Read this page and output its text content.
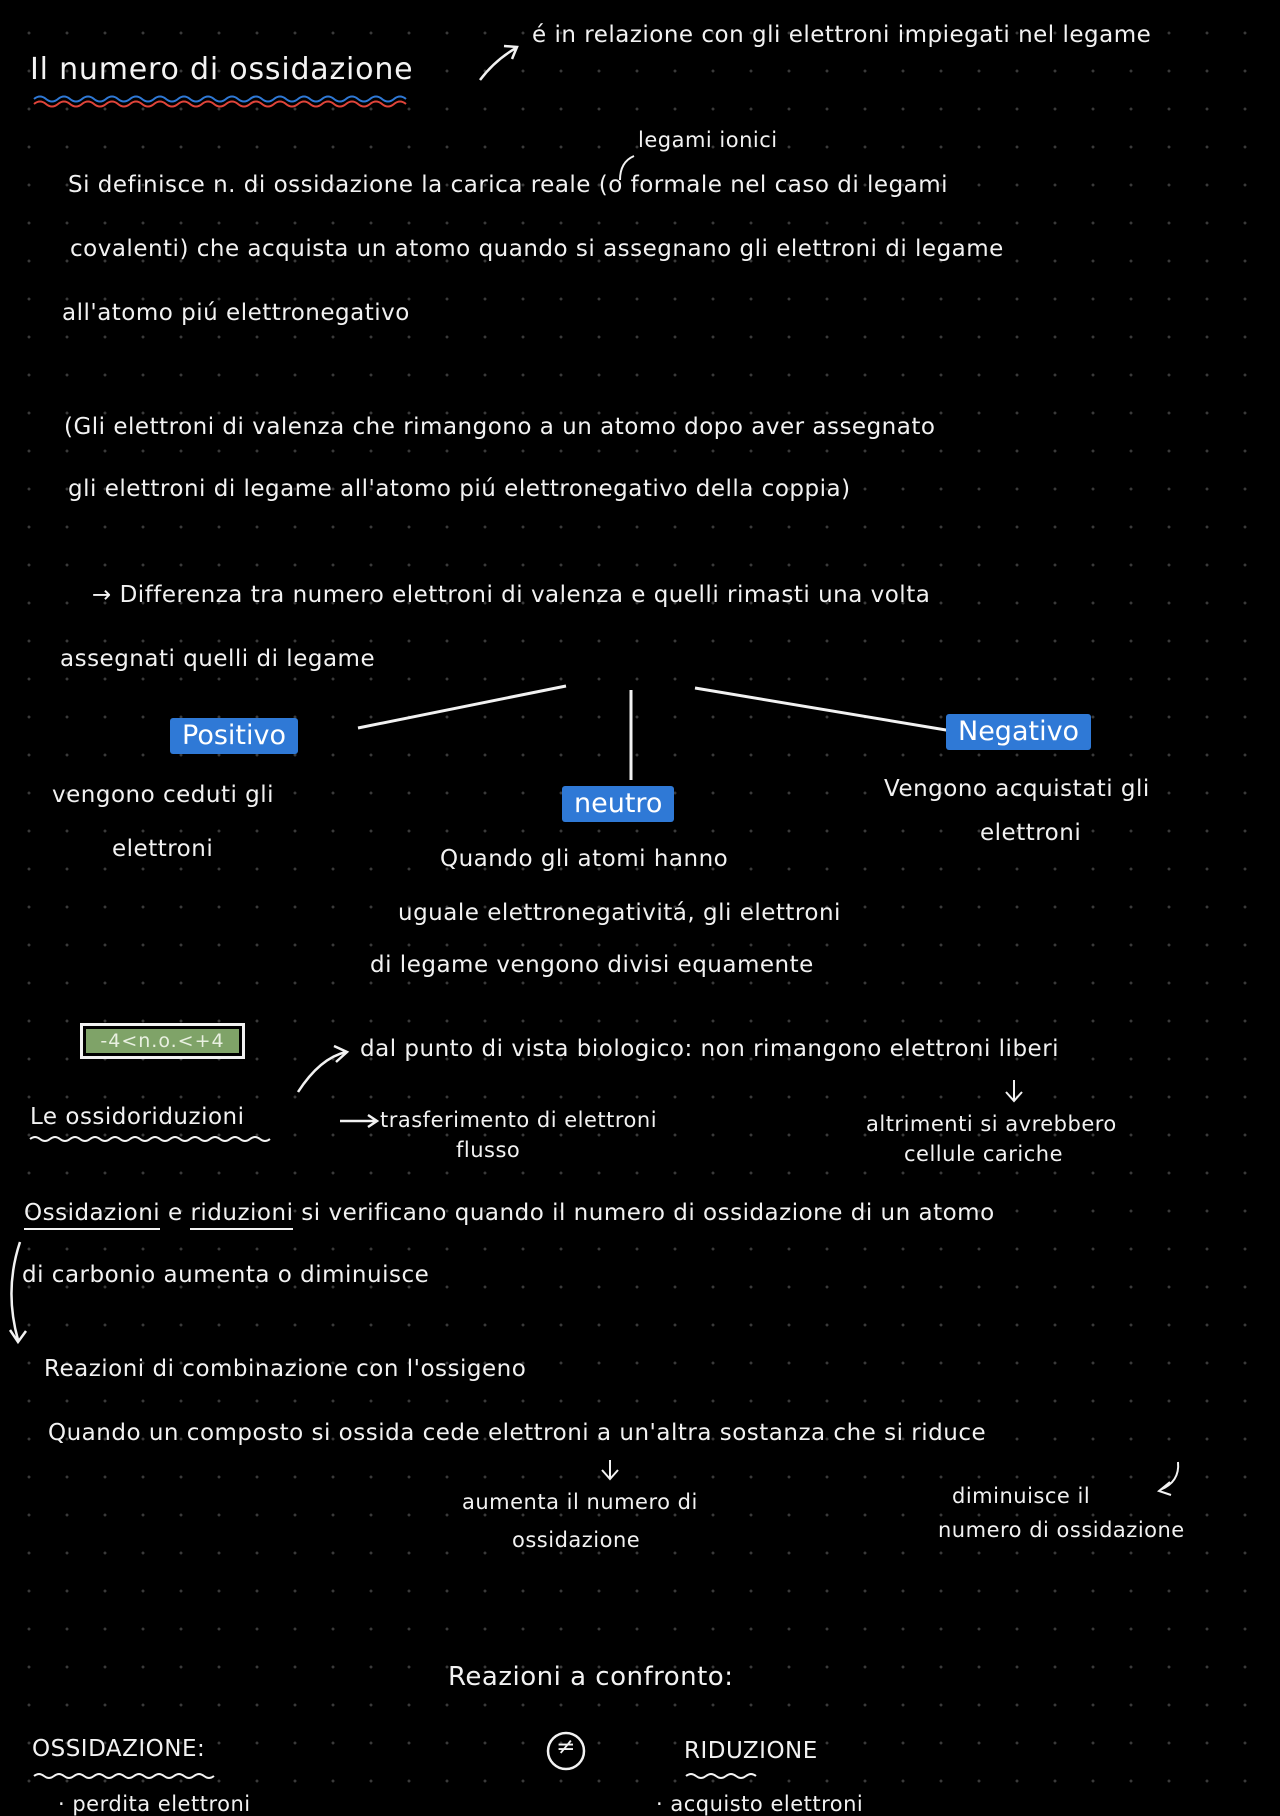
Il numero di ossidazione
é in relazione con gli elettroni impiegati nel legame
legami ionici
Si definisce n. di ossidazione la carica reale (o formale nel caso di legami
covalenti) che acquista un atomo quando si assegnano gli elettroni di legame
all'atomo piú elettronegativo
(Gli elettroni di valenza che rimangono a un atomo dopo aver assegnato
gli elettroni di legame all'atomo piú elettronegativo della coppia)
→ Differenza tra numero elettroni di valenza e quelli rimasti una volta
assegnati quelli di legame
Positivo
vengono ceduti gli
elettroni
neutro
Quando gli atomi hanno
uguale elettronegativitá, gli elettroni
di legame vengono divisi equamente
Negativo
Vengono acquistati gli
elettroni
-4<n.o.<+4	dal punto di vista biologico: non rimangono elettroni liberi
Le ossidoriduzioni	trasferimento di elettroni
flusso
altrimenti si avrebbero
cellule cariche
Ossidazioni e riduzioni si verificano quando il numero di ossidazione di un atomo
di carbonio aumenta o diminuisce
Reazioni di combinazione con l'ossigeno
Quando un composto si ossida cede elettroni a un'altra sostanza che si riduce
aumenta il numero di
ossidazione
diminuisce il
numero di ossidazione
Reazioni a confronto:
OSSIDAZIONE:	≠	RIDUZIONE
· perdita elettroni	· acquisto elettroni
